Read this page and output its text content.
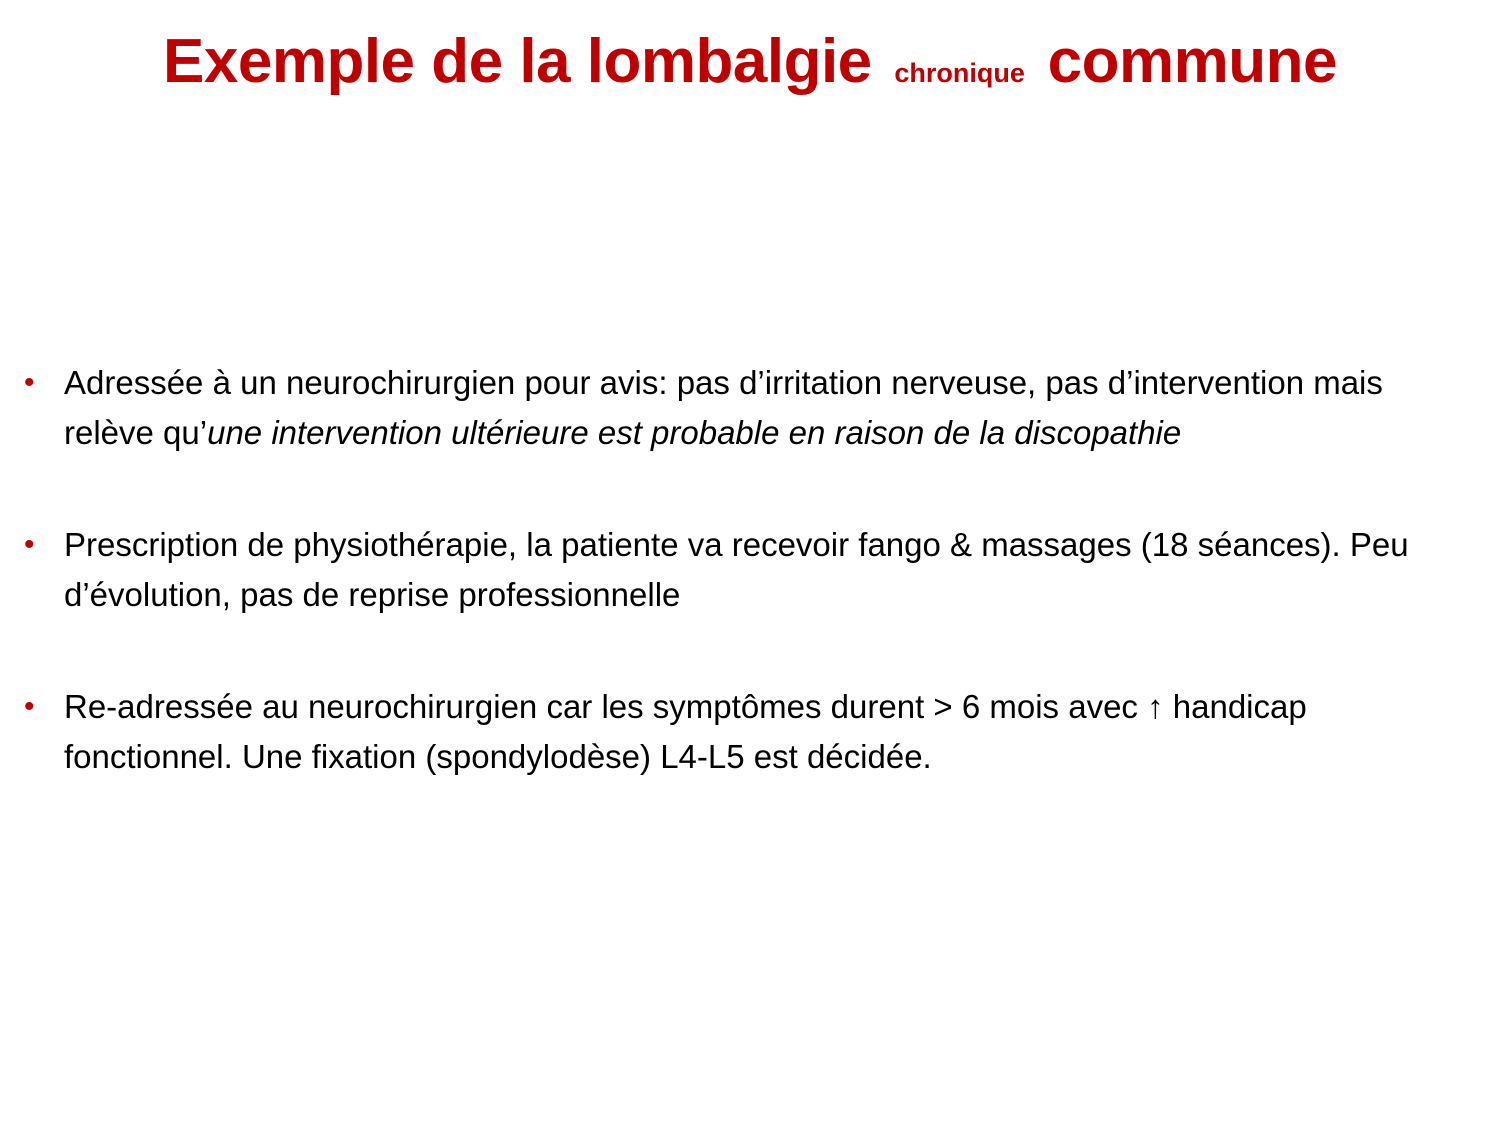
Exemple de la lombalgie chronique commune
• Adressée à un neurochirurgien pour avis: pas d’irritation nerveuse, pas d’intervention mais relève qu’une intervention ultérieure est probable en raison de la discopathie
• Prescription de physiothérapie, la patiente va recevoir fango & massages (18 séances). Peu d’évolution, pas de reprise professionnelle
• Re-adressée au neurochirurgien car les symptômes durent > 6 mois avec ↑ handicap fonctionnel. Une fixation (spondylodèse) L4-L5 est décidée.
